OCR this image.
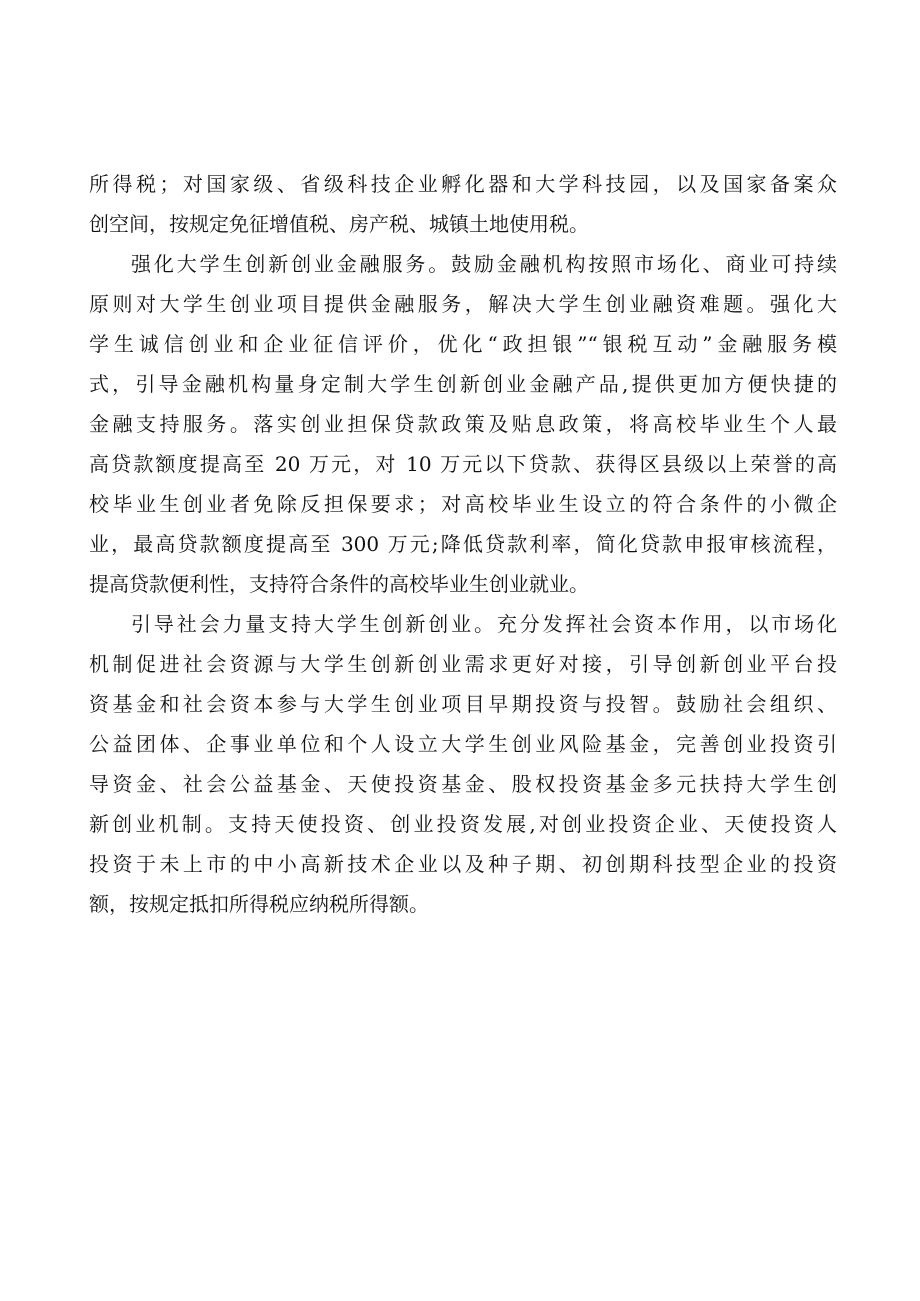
所得税；对国家级、省级科技企业孵化器和大学科技园，以及国家备案众
创空间，按规定免征增值税、房产税、城镇土地使用税。
强化大学生创新创业金融服务。鼓励金融机构按照市场化、商业可持续
原则对大学生创业项目提供金融服务，解决大学生创业融资难题。强化大
学生诚信创业和企业征信评价，优化“政担银”“银税互动”金融服务模
式，引导金融机构量身定制大学生创新创业金融产品,提供更加方便快捷的
金融支持服务。落实创业担保贷款政策及贴息政策，将高校毕业生个人最
高贷款额度提高至 20 万元，对 10 万元以下贷款、获得区县级以上荣誉的高
校毕业生创业者免除反担保要求；对高校毕业生设立的符合条件的小微企
业，最高贷款额度提高至 300 万元;降低贷款利率，简化贷款申报审核流程，
提高贷款便利性，支持符合条件的高校毕业生创业就业。
引导社会力量支持大学生创新创业。充分发挥社会资本作用，以市场化
机制促进社会资源与大学生创新创业需求更好对接，引导创新创业平台投
资基金和社会资本参与大学生创业项目早期投资与投智。鼓励社会组织、
公益团体、企事业单位和个人设立大学生创业风险基金，完善创业投资引
导资金、社会公益基金、天使投资基金、股权投资基金多元扶持大学生创
新创业机制。支持天使投资、创业投资发展,对创业投资企业、天使投资人
投资于未上市的中小高新技术企业以及种子期、初创期科技型企业的投资
额，按规定抵扣所得税应纳税所得额。
